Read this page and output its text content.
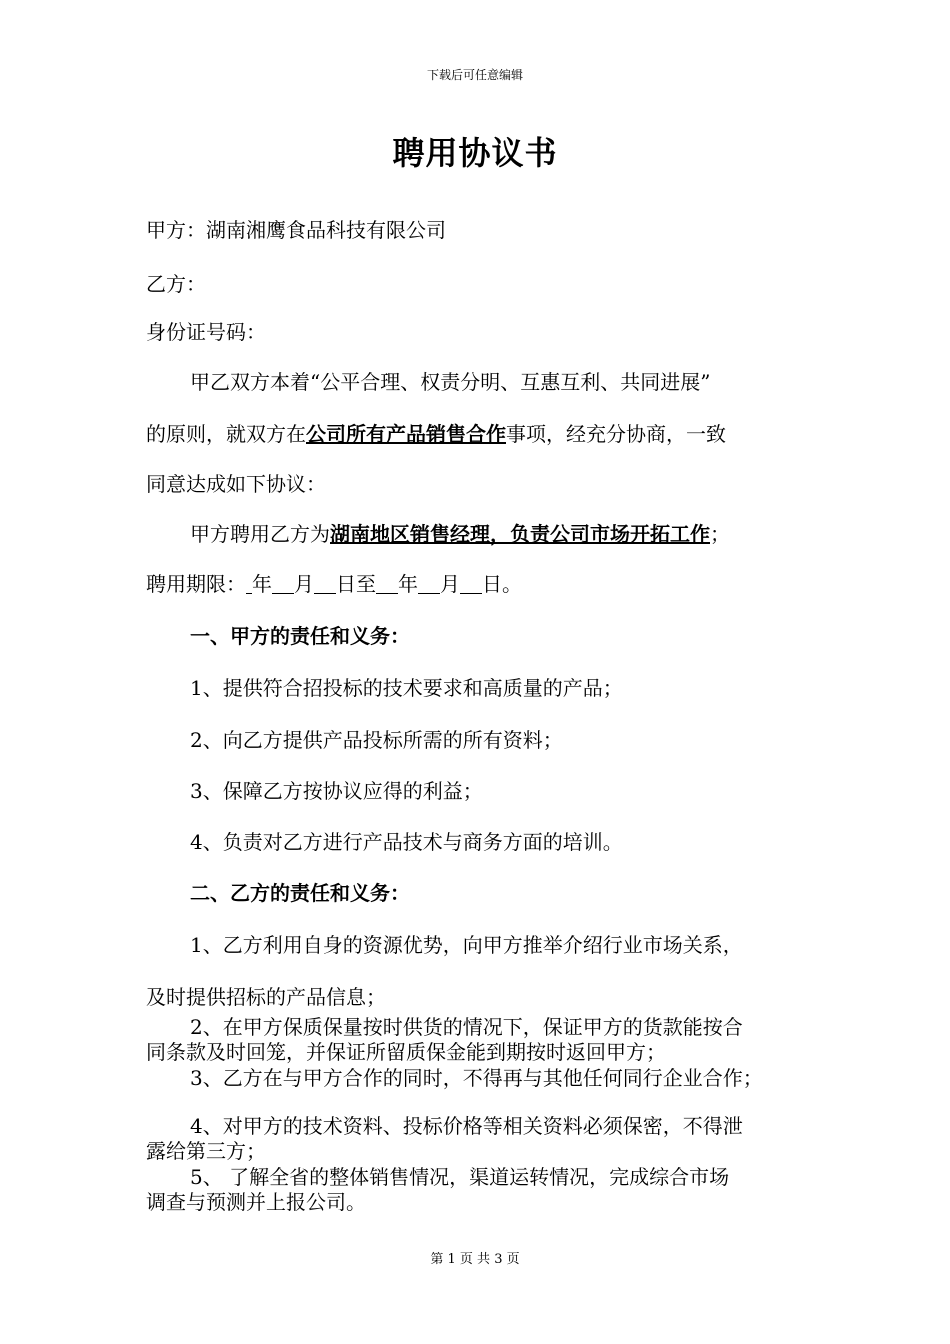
下载后可任意编辑
聘用协议书

甲方：湖南湘鹰食品科技有限公司

乙方：

身份证号码：

甲乙双方本着“公平合理、权责分明、互惠互利、共同进展”

的原则，就双方在公司所有产品销售合作事项，经充分协商，一致

同意达成如下协议：

甲方聘用乙方为湖南地区销售经理，负责公司市场开拓工作；

聘用期限： 年 月 日至 年 月 日。

一、甲方的责任和义务：

1、提供符合招投标的技术要求和高质量的产品；

2、向乙方提供产品投标所需的所有资料；

3、保障乙方按协议应得的利益；

4、负责对乙方进行产品技术与商务方面的培训。

二、乙方的责任和义务：

1、乙方利用自身的资源优势，向甲方推举介绍行业市场关系，

及时提供招标的产品信息；

2、在甲方保质保量按时供货的情况下，保证甲方的货款能按合

同条款及时回笼，并保证所留质保金能到期按时返回甲方；

3、乙方在与甲方合作的同时，不得再与其他任何同行企业合作；

4、对甲方的技术资料、投标价格等相关资料必须保密，不得泄

露给第三方；

5、 了解全省的整体销售情况，渠道运转情况，完成综合市场

调查与预测并上报公司。

第 1 页 共 3 页
